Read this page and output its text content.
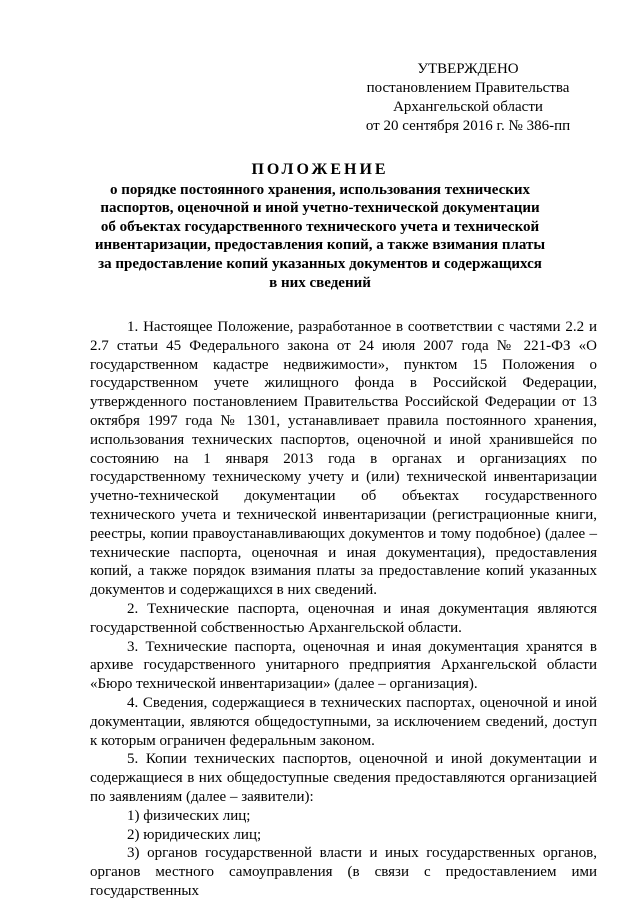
УТВЕРЖДЕНО
постановлением Правительства
Архангельской области
от 20 сентября 2016 г. № 386-пп
ПОЛОЖЕНИЕ
о порядке постоянного хранения, использования технических
паспортов, оценочной и иной учетно-технической документации
об объектах государственного технического учета и технической
инвентаризации, предоставления копий, а также взимания платы
за предоставление копий указанных документов и содержащихся
в них сведений

1. Настоящее Положение, разработанное в соответствии с частями 2.2 и 2.7 статьи 45 Федерального закона от 24 июля 2007 года № 221-ФЗ «О государственном кадастре недвижимости», пунктом 15 Положения о государственном учете жилищного фонда в Российской Федерации, утвержденного постановлением Правительства Российской Федерации от 13 октября 1997 года № 1301, устанавливает правила постоянного хранения, использования технических паспортов, оценочной и иной хранившейся по состоянию на 1 января 2013 года в органах и организациях по государственному техническому учету и (или) технической инвентаризации учетно-технической документации об объектах государственного технического учета и технической инвентаризации (регистрационные книги, реестры, копии правоустанавливающих документов и тому подобное) (далее – технические паспорта, оценочная и иная документация), предоставления копий, а также порядок взимания платы за предоставление копий указанных документов и содержащихся в них сведений.

2. Технические паспорта, оценочная и иная документация являются государственной собственностью Архангельской области.

3. Технические паспорта, оценочная и иная документация хранятся в архиве государственного унитарного предприятия Архангельской области «Бюро технической инвентаризации» (далее – организация).

4. Сведения, содержащиеся в технических паспортах, оценочной и иной документации, являются общедоступными, за исключением сведений, доступ к которым ограничен федеральным законом.

5. Копии технических паспортов, оценочной и иной документации и содержащиеся в них общедоступные сведения предоставляются организацией по заявлениям (далее – заявители):

1) физических лиц;

2) юридических лиц;

3) органов государственной власти и иных государственных органов, органов местного самоуправления (в связи с предоставлением ими государственных
